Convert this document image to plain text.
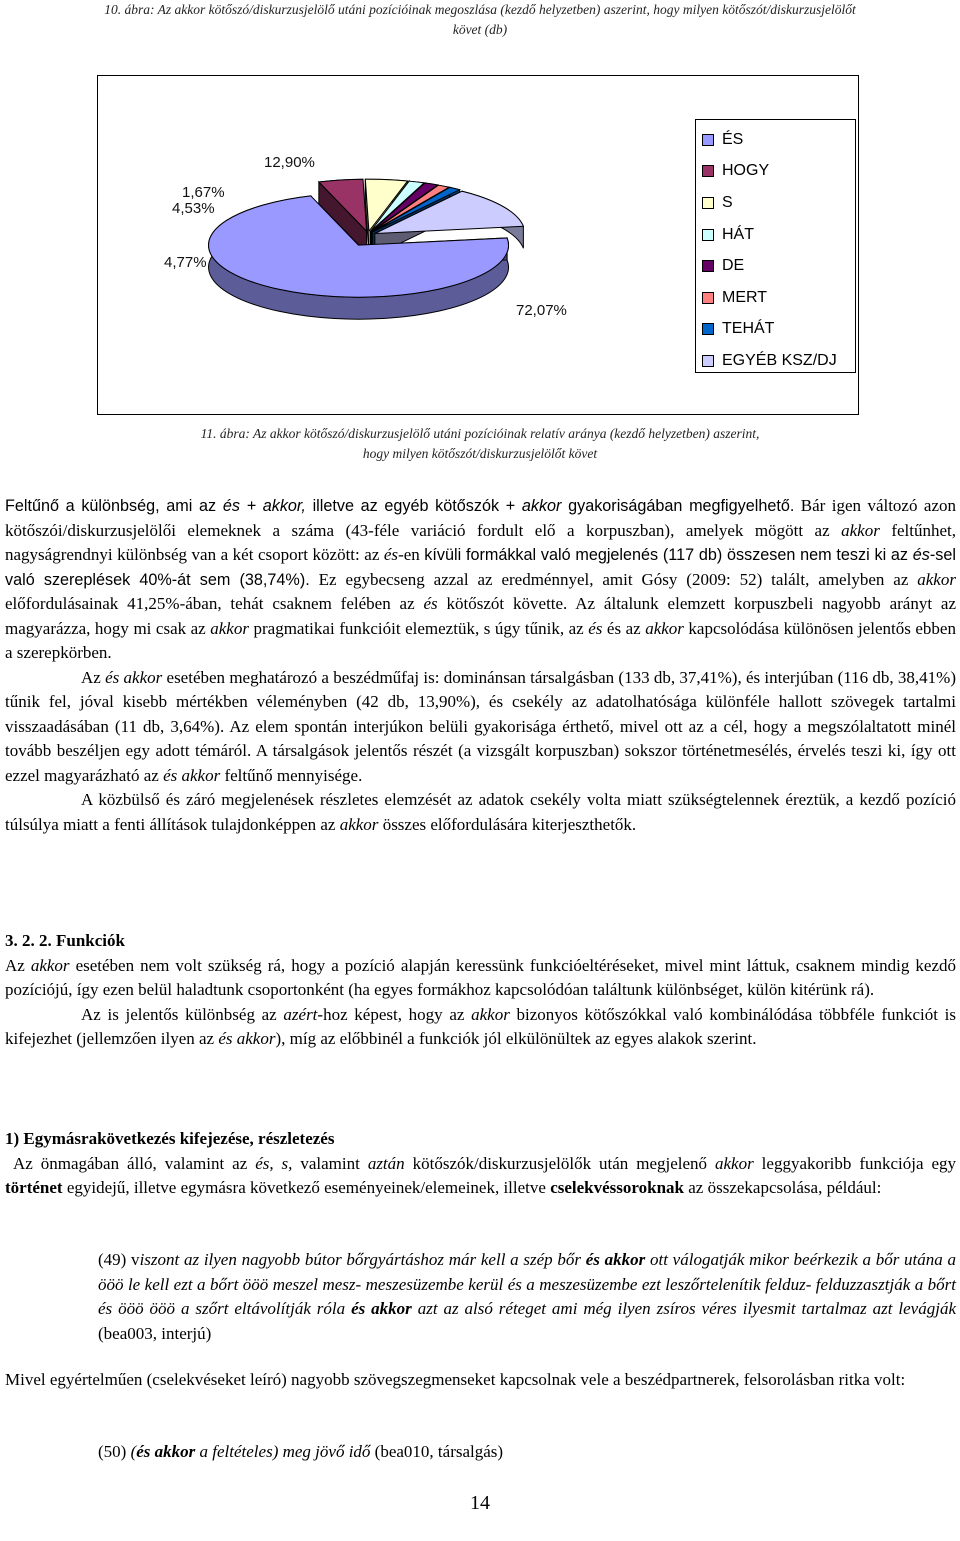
10. ábra: Az akkor kötőszó/diskurzusjelölő utáni pozícióinak megoszlása (kezdő helyzetben) aszerint, hogy milyen kötőszót/diskurzusjelölőt
követ (db)
ÉS
HOGY
S
HÁT
DE
MERT
TEHÁT
EGYÉB KSZ/DJ
72,07%
4,77%
4,53%
1,67%
12,90%
11. ábra: Az akkor kötőszó/diskurzusjelölő utáni pozícióinak relatív aránya (kezdő helyzetben) aszerint,
hogy milyen kötőszót/diskurzusjelölőt követ

Feltűnő a különbség, ami az és + akkor, illetve az egyéb kötőszók + akkor gyakoriságában megfigyelhető. Bár igen változó azon kötőszói/diskurzusjelölői elemeknek a száma (43-féle variáció fordult elő a korpuszban), amelyek mögött az akkor feltűnhet, nagyságrendnyi különbség van a két csoport között: az és-en kívüli formákkal való megjelenés (117 db) összesen nem teszi ki az és-sel való szereplések 40%-át sem (38,74%). Ez egybecseng azzal az eredménnyel, amit Gósy (2009: 52) talált, amelyben az akkor előfordulásainak 41,25%-ában, tehát csaknem felében az és kötőszót követte. Az általunk elemzett korpuszbeli nagyobb arányt az magyarázza, hogy mi csak az akkor pragmatikai funkcióit elemeztük, s úgy tűnik, az és és az akkor kapcsolódása különösen jelentős ebben a szerepkörben.

Az és akkor esetében meghatározó a beszédműfaj is: dominánsan társalgásban (133 db, 37,41%), és interjúban (116 db, 38,41%) tűnik fel, jóval kisebb mértékben véleményben (42 db, 13,90%), és csekély az adatolhatósága különféle hallott szövegek tartalmi visszaadásában (11 db, 3,64%). Az elem spontán interjúkon belüli gyakorisága érthető, mivel ott az a cél, hogy a megszólaltatott minél tovább beszéljen egy adott témáról. A társalgások jelentős részét (a vizsgált korpuszban) sokszor történetmesélés, érvelés teszi ki, így ott ezzel magyarázható az és akkor feltűnő mennyisége.

A közbülső és záró megjelenések részletes elemzését az adatok csekély volta miatt szükségtelennek éreztük, a kezdő pozíció túlsúlya miatt a fenti állítások tulajdonképpen az akkor összes előfordulására kiterjeszthetők.

3. 2. 2. Funkciók

Az akkor esetében nem volt szükség rá, hogy a pozíció alapján keressünk funkcióeltéréseket, mivel mint láttuk, csaknem mindig kezdő pozíciójú, így ezen belül haladtunk csoportonként (ha egyes formákhoz kapcsolódóan találtunk különbséget, külön kitérünk rá).

Az is jelentős különbség az azért-hoz képest, hogy az akkor bizonyos kötőszókkal való kombinálódása többféle funkciót is kifejezhet (jellemzően ilyen az és akkor), míg az előbbinél a funkciók jól elkülönültek az egyes alakok szerint.

1) Egymásrakövetkezés kifejezése, részletezés

Az önmagában álló, valamint az és, s, valamint aztán kötőszók/diskurzusjelölők után megjelenő akkor leggyakoribb funkciója egy történet egyidejű, illetve egymásra következő eseményeinek/elemeinek, illetve cselekvéssoroknak az összekapcsolása, például:

(49) viszont az ilyen nagyobb bútor bőrgyártáshoz már kell a szép bőr és akkor ott válogatják mikor beérkezik a bőr utána a ööö le kell ezt a bőrt ööö meszel mesz- meszesüzembe kerül és a meszesüzembe ezt leszőrtelenítik felduz- felduzzasztják a bőrt és ööö ööö a szőrt eltávolítják róla és akkor azt az alsó réteget ami még ilyen zsíros véres ilyesmit tartalmaz azt levágják (bea003, interjú)

Mivel egyértelműen (cselekvéseket leíró) nagyobb szövegszegmenseket kapcsolnak vele a beszédpartnerek, felsorolásban ritka volt:

(50) (és akkor a feltételes) meg jövő idő (bea010, társalgás)

14
